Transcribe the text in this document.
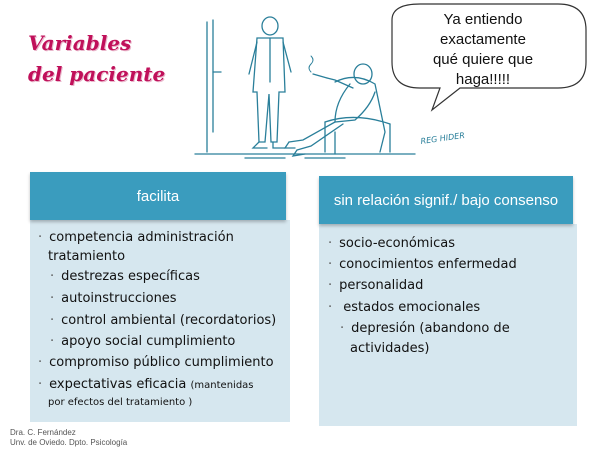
Variables
del paciente
REG HIDER
Ya entiendo
exactamente
qué quiere que
haga!!!!!
facilita
· competencia administración
tratamiento
· destrezas específicas
· autoinstrucciones
· control ambiental (recordatorios)
· apoyo social cumplimiento
· compromiso público cumplimiento
· expectativas eficacia (mantenidas
por efectos del tratamiento )
sin relación signif./ bajo consenso
· socio-económicas
· conocimientos enfermedad
· personalidad
· estados emocionales
· depresión (abandono de
actividades)
Dra. C. Fernández
Unv. de Oviedo. Dpto. Psicología
